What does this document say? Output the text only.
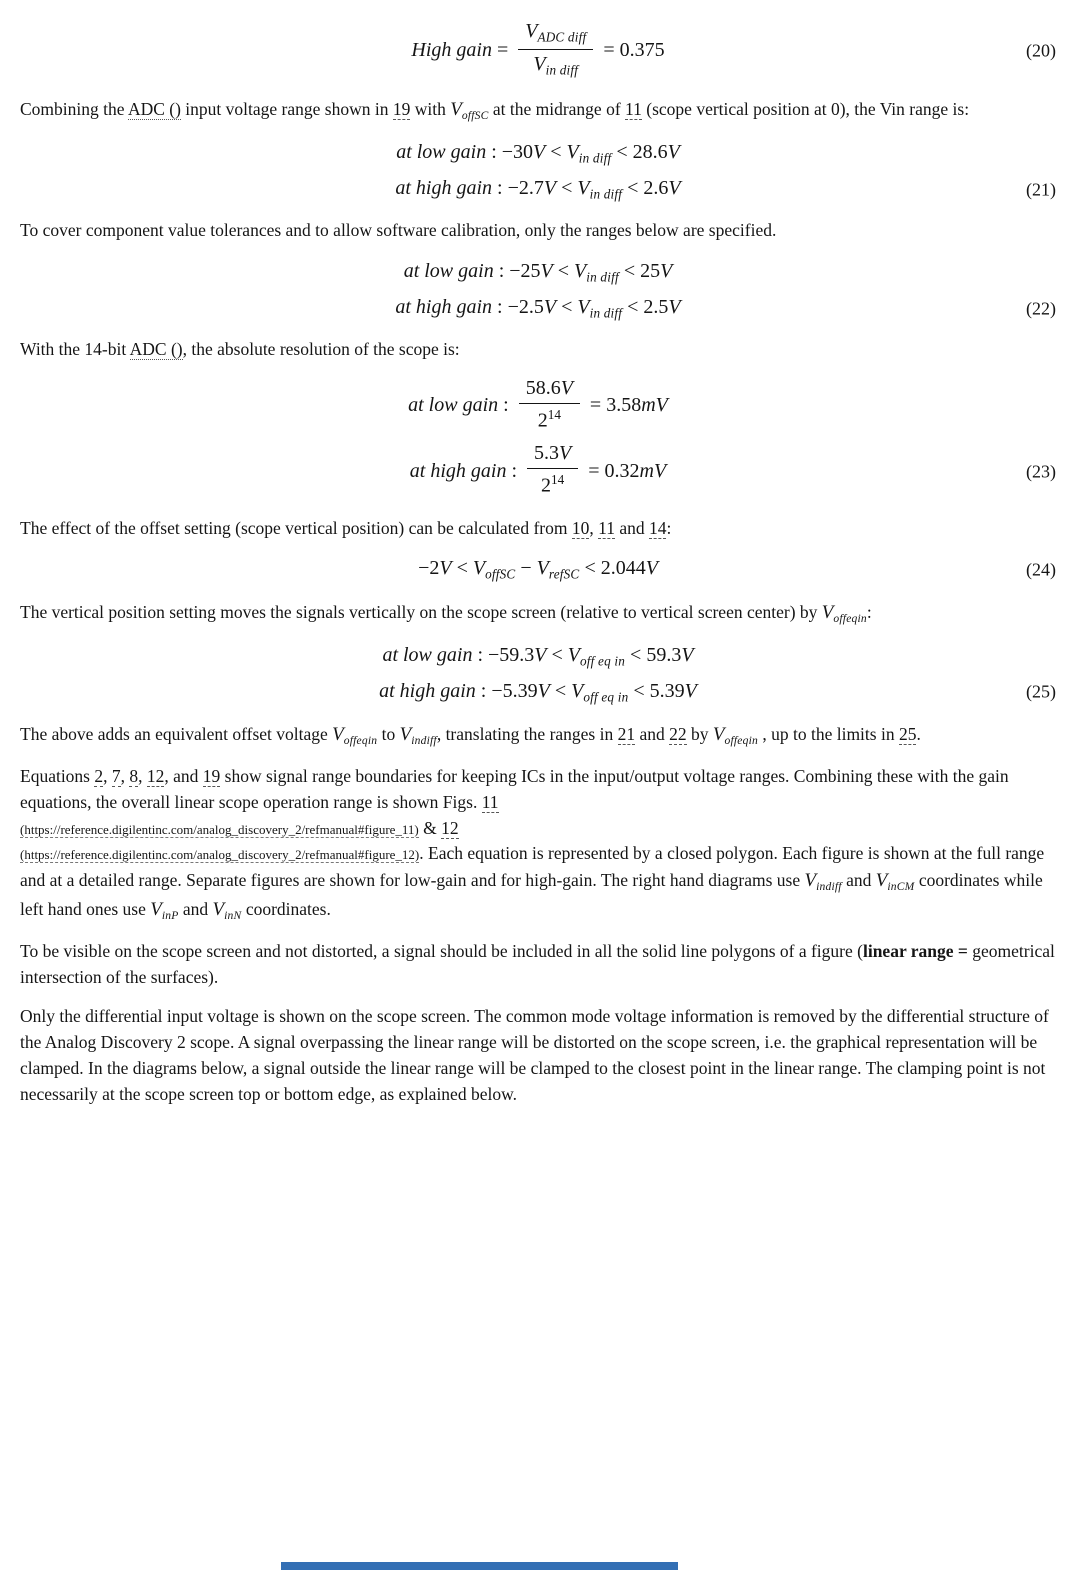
High gain = $\frac{V_{ADC diff}}{V_{in diff}} = 0.375$	(20)

Combining the ADC () input voltage range shown in 19 with $V_{offSC}$ at the midrange of 11 (scope vertical position at 0), the Vin range is:

at low gain : $-30V < V_{in diff} < 28.6V$
at high gain : $-2.7V < V_{in diff} < 2.6V$	(21)

To cover component value tolerances and to allow software calibration, only the ranges below are specified.

at low gain : $-25V < V_{in diff} < 25V$
at high gain : $-2.5V < V_{in diff} < 2.5V$	(22)

With the 14-bit ADC (), the absolute resolution of the scope is:

at low gain : $\frac{58.6V}{2^{14}} = 3.58mV$
at high gain : $\frac{5.3V}{2^{14}} = 0.32mV$	(23)

The effect of the offset setting (scope vertical position) can be calculated from 10, 11 and 14:

$-2V < V_{offSC} - V_{refSC} < 2.044V$	(24)

The vertical position setting moves the signals vertically on the scope screen (relative to vertical screen center) by $V_{offeqin}$:

at low gain : $-59.3V < V_{off eq in} < 59.3V$
at high gain : $-5.39V < V_{off eq in} < 5.39V$	(25)

The above adds an equivalent offset voltage $V_{offeqin}$ to $V_{indiff}$, translating the ranges in 21 and 22 by $V_{offeqin}$ , up to the limits in 25.

Equations 2, 7, 8, 12, and 19 show signal range boundaries for keeping ICs in the input/output voltage ranges. Combining these with the gain equations, the overall linear scope operation range is shown Figs. 11
(https://reference.digilentinc.com/analog_discovery_2/refmanual#figure_11) & 12
(https://reference.digilentinc.com/analog_discovery_2/refmanual#figure_12). Each equation is represented by a closed polygon. Each figure is shown at the full range and at a detailed range. Separate figures are shown for low-gain and for high-gain. The right hand diagrams use $V_{indiff}$ and $V_{inCM}$ coordinates while left hand ones use $V_{inP}$ and $V_{inN}$ coordinates.

To be visible on the scope screen and not distorted, a signal should be included in all the solid line polygons of a figure (linear range = geometrical intersection of the surfaces).

Only the differential input voltage is shown on the scope screen. The common mode voltage information is removed by the differential structure of the Analog Discovery 2 scope. A signal overpassing the linear range will be distorted on the scope screen, i.e. the graphical representation will be clamped. In the diagrams below, a signal outside the linear range will be clamped to the closest point in the linear range. The clamping point is not necessarily at the scope screen top or bottom edge, as explained below.
